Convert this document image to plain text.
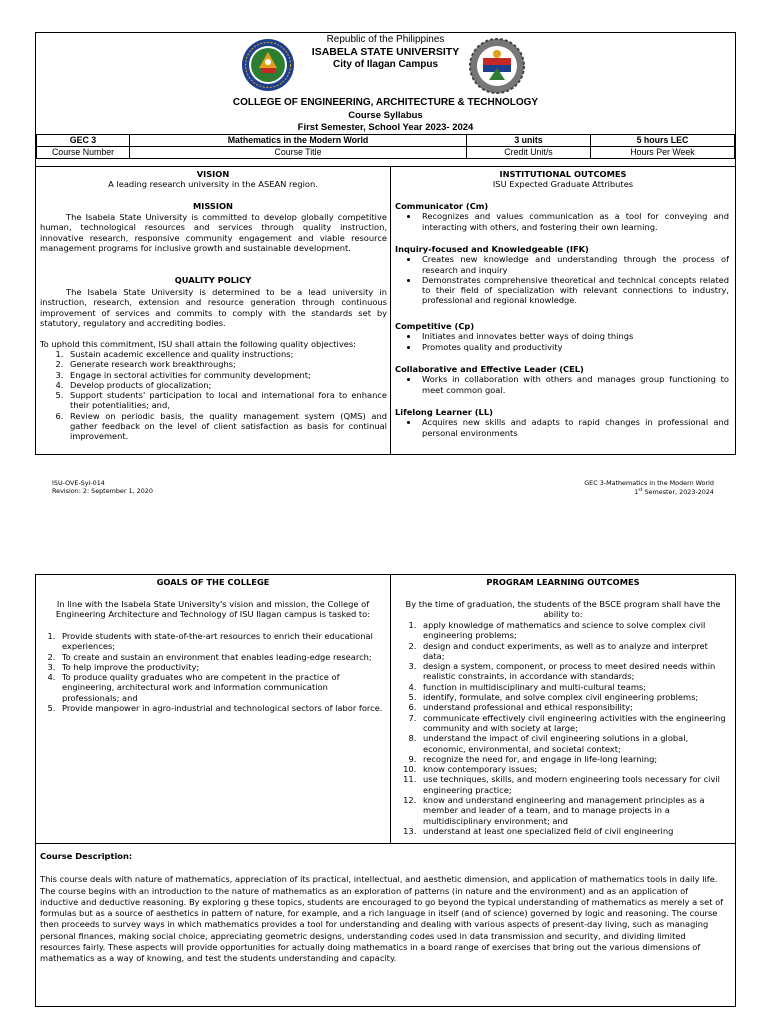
Republic of the Philippines
ISABELA STATE UNIVERSITY
City of Ilagan Campus
COLLEGE OF ENGINEERING, ARCHITECTURE & TECHNOLOGY
Course Syllabus
First Semester, School Year 2023- 2024
GEC 3	Mathematics in the Modern World	3 units	5 hours LEC
Course Number	Course Title	Credit Unit/s	Hours Per Week
VISION
A leading research university in the ASEAN region.
MISSION
The Isabela State University is committed to develop globally competitive human, technological resources and services through quality instruction, innovative research, responsive community engagement and viable resource management programs for inclusive growth and sustainable development.
QUALITY POLICY
The Isabela State University is determined to be a lead university in instruction, research, extension and resource generation through continuous improvement of services and commits to comply with the standards set by statutory, regulatory and accrediting bodies.
To uphold this commitment, ISU shall attain the following quality objectives:
1. Sustain academic excellence and quality instructions;
2. Generate research work breakthroughs;
3. Engage in sectoral activities for community development;
4. Develop products of glocalization;
5. Support students' participation to local and international fora to enhance their potentialities; and,
6. Review on periodic basis, the quality management system (QMS) and gather feedback on the level of client satisfaction as basis for continual improvement.
INSTITUTIONAL OUTCOMES
ISU Expected Graduate Attributes
Communicator (Cm)
• Recognizes and values communication as a tool for conveying and interacting with others, and fostering their own learning.
Inquiry-focused and Knowledgeable (IFK)
• Creates new knowledge and understanding through the process of research and inquiry
• Demonstrates comprehensive theoretical and technical concepts related to their field of specialization with relevant connections to industry, professional and regional knowledge.
Competitive (Cp)
• Initiates and innovates better ways of doing things
• Promotes quality and productivity
Collaborative and Effective Leader (CEL)
• Works in collaboration with others and manages group functioning to meet common goal.
Lifelong Learner (LL)
• Acquires new skills and adapts to rapid changes in professional and personal environments
ISU-OVE-Syl-014
Revision: 2: September 1, 2020
GEC 3-Mathematics in the Modern World
1st Semester, 2023-2024
GOALS OF THE COLLEGE
In line with the Isabela State University's vision and mission, the College of Engineering Architecture and Technology of ISU Ilagan campus is tasked to:
1. Provide students with state-of-the-art resources to enrich their educational experiences;
2. To create and sustain an environment that enables leading-edge research;
3. To help improve the productivity;
4. To produce quality graduates who are competent in the practice of engineering, architectural work and information communication professionals; and
5. Provide manpower in agro-industrial and technological sectors of labor force.
PROGRAM LEARNING OUTCOMES
By the time of graduation, the students of the BSCE program shall have the ability to:
1. apply knowledge of mathematics and science to solve complex civil engineering problems;
2. design and conduct experiments, as well as to analyze and interpret data;
3. design a system, component, or process to meet desired needs within realistic constraints, in accordance with standards;
4. function in multidisciplinary and multi-cultural teams;
5. identify, formulate, and solve complex civil engineering problems;
6. understand professional and ethical responsibility;
7. communicate effectively civil engineering activities with the engineering community and with society at large;
8. understand the impact of civil engineering solutions in a global, economic, environmental, and societal context;
9. recognize the need for, and engage in life-long learning;
10. know contemporary issues;
11. use techniques, skills, and modern engineering tools necessary for civil engineering practice;
12. know and understand engineering and management principles as a member and leader of a team, and to manage projects in a multidisciplinary environment; and
13. understand at least one specialized field of civil engineering
Course Description:
This course deals with nature of mathematics, appreciation of its practical, intellectual, and aesthetic dimension, and application of mathematics tools in daily life. The course begins with an introduction to the nature of mathematics as an exploration of patterns (in nature and the environment) and as an application of inductive and deductive reasoning. By exploring g these topics, students are encouraged to go beyond the typical understanding of mathematics as merely a set of formulas but as a source of aesthetics in pattern of nature, for example, and a rich language in itself (and of science) governed by logic and reasoning. The course then proceeds to survey ways in which mathematics provides a tool for understanding and dealing with various aspects of present-day living, such as managing personal finances, making social choice, appreciating geometric designs, understanding codes used in data transmission and security, and dividing limited resources fairly. These aspects will provide opportunities for actually doing mathematics in a board range of exercises that bring out the various dimensions of mathematics as a way of knowing, and test the students understanding and capacity.
